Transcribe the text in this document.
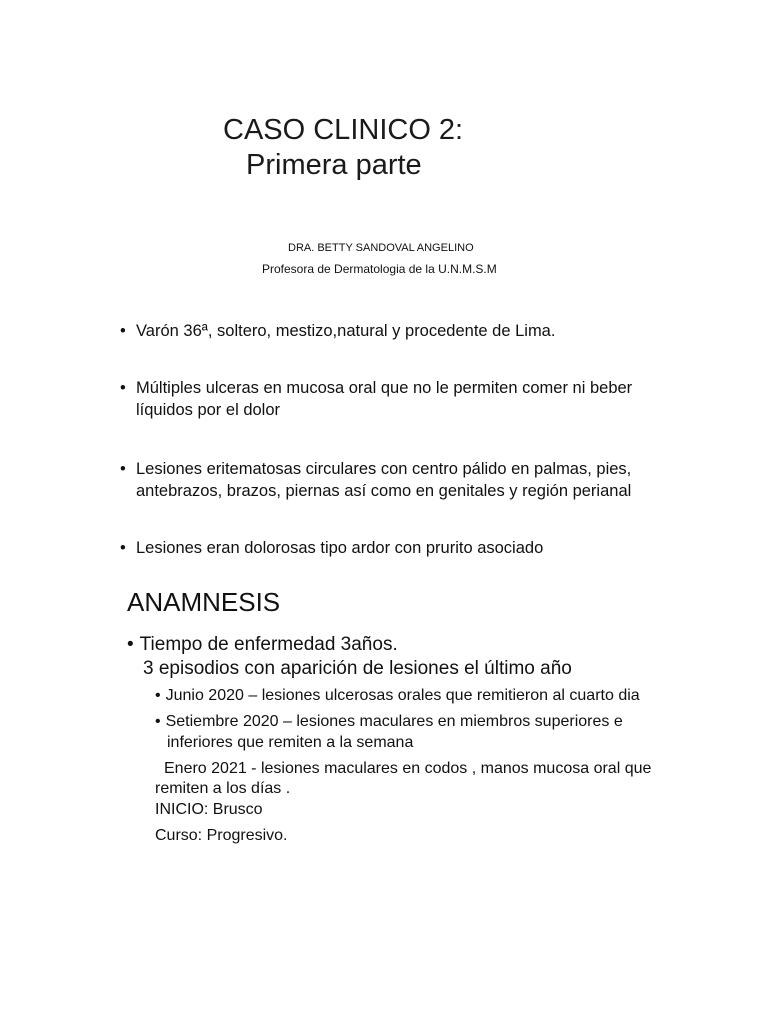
CASO CLINICO 2:
Primera parte
DRA. BETTY SANDOVAL ANGELINO
Profesora de Dermatologia de la U.N.M.S.M
• Varón 36ª, soltero, mestizo,natural y procedente de Lima.
• Múltiples ulceras en mucosa oral que no le permiten comer ni beber
líquidos por el dolor
• Lesiones eritematosas circulares con centro pálido en palmas, pies,
antebrazos, brazos, piernas así como en genitales y región perianal
• Lesiones eran dolorosas tipo ardor con prurito asociado
ANAMNESIS
• Tiempo de enfermedad 3años.
3 episodios con aparición de lesiones el último año
• Junio 2020 – lesiones ulcerosas orales que remitieron al cuarto dia
• Setiembre 2020 – lesiones maculares en miembros superiores e
inferiores que remiten a la semana
Enero 2021 - lesiones maculares en codos , manos mucosa oral que
remiten a los días .
INICIO: Brusco
Curso: Progresivo.
